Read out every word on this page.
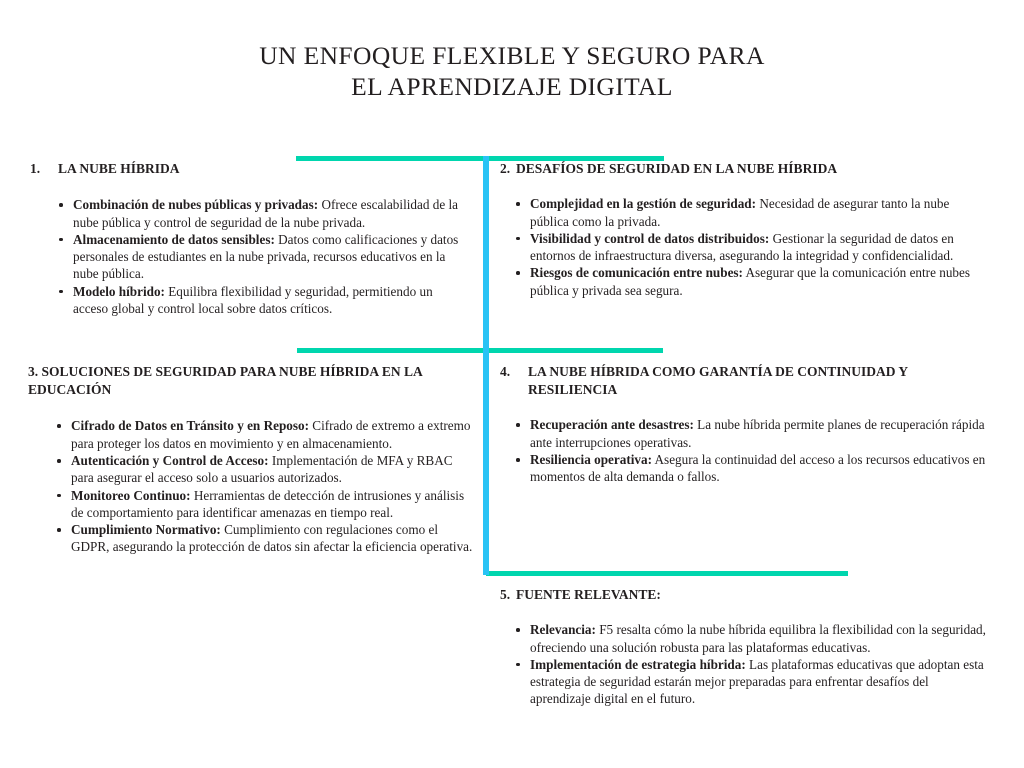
UN ENFOQUE FLEXIBLE Y SEGURO PARA
EL APRENDIZAJE DIGITAL
1.	LA NUBE HÍBRIDA
Combinación de nubes públicas y privadas: Ofrece escalabilidad de la nube pública y control de seguridad de la nube privada.
Almacenamiento de datos sensibles: Datos como calificaciones y datos personales de estudiantes en la nube privada, recursos educativos en la nube pública.
Modelo híbrido: Equilibra flexibilidad y seguridad, permitiendo un acceso global y control local sobre datos críticos.
2. DESAFÍOS DE SEGURIDAD EN LA NUBE HÍBRIDA
Complejidad en la gestión de seguridad: Necesidad de asegurar tanto la nube pública como la privada.
Visibilidad y control de datos distribuidos: Gestionar la seguridad de datos en entornos de infraestructura diversa, asegurando la integridad y confidencialidad.
Riesgos de comunicación entre nubes: Asegurar que la comunicación entre nubes pública y privada sea segura.
3. SOLUCIONES DE SEGURIDAD PARA NUBE HÍBRIDA EN LA EDUCACIÓN
Cifrado de Datos en Tránsito y en Reposo: Cifrado de extremo a extremo para proteger los datos en movimiento y en almacenamiento.
Autenticación y Control de Acceso: Implementación de MFA y RBAC para asegurar el acceso solo a usuarios autorizados.
Monitoreo Continuo: Herramientas de detección de intrusiones y análisis de comportamiento para identificar amenazas en tiempo real.
Cumplimiento Normativo: Cumplimiento con regulaciones como el GDPR, asegurando la protección de datos sin afectar la eficiencia operativa.
4.	LA NUBE HÍBRIDA COMO GARANTÍA DE CONTINUIDAD Y RESILIENCIA
Recuperación ante desastres: La nube híbrida permite planes de recuperación rápida ante interrupciones operativas.
Resiliencia operativa: Asegura la continuidad del acceso a los recursos educativos en momentos de alta demanda o fallos.
5. FUENTE RELEVANTE:
Relevancia: F5 resalta cómo la nube híbrida equilibra la flexibilidad con la seguridad, ofreciendo una solución robusta para las plataformas educativas.
Implementación de estrategia híbrida: Las plataformas educativas que adoptan esta estrategia de seguridad estarán mejor preparadas para enfrentar desafíos del aprendizaje digital en el futuro.
